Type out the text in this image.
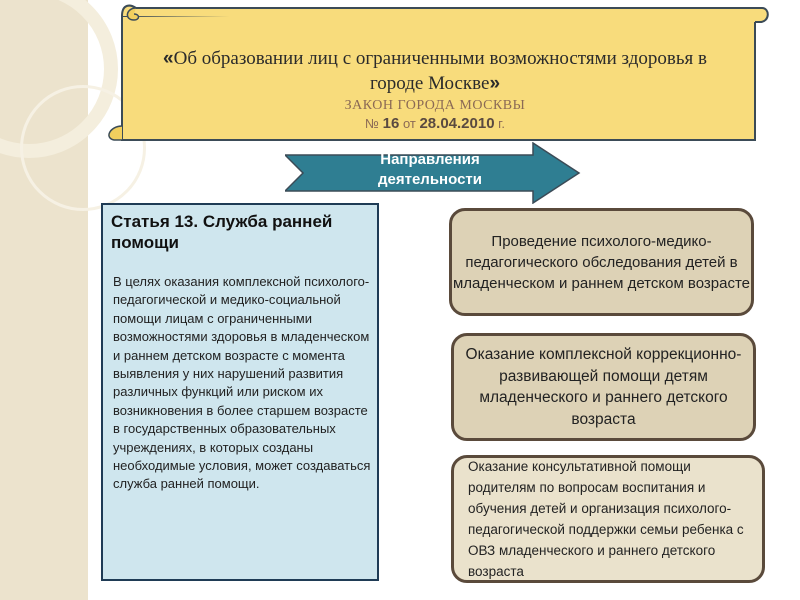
«Об образовании лиц с ограниченными возможностями здоровья в городе Москве»
ЗАКОН ГОРОДА МОСКВЫ
№ 16 от 28.04.2010 г.
Направления деятельности
Статья 13. Служба ранней помощи
В целях оказания комплексной психолого-педагогической и медико-социальной помощи лицам с ограниченными возможностями здоровья в младенческом и раннем детском возрасте с момента выявления у них нарушений развития различных функций или риском их возникновения в более старшем возрасте в государственных образовательных учреждениях, в которых созданы необходимые условия, может создаваться служба ранней помощи.
Проведение психолого-медико-педагогического обследования детей в младенческом и раннем детском возрасте
Оказание комплексной коррекционно-развивающей помощи детям младенческого и раннего детского возраста
Оказание консультативной помощи родителям по вопросам воспитания и обучения детей и организация психолого-педагогической поддержки семьи ребенка с ОВЗ младенческого и раннего детского возраста
